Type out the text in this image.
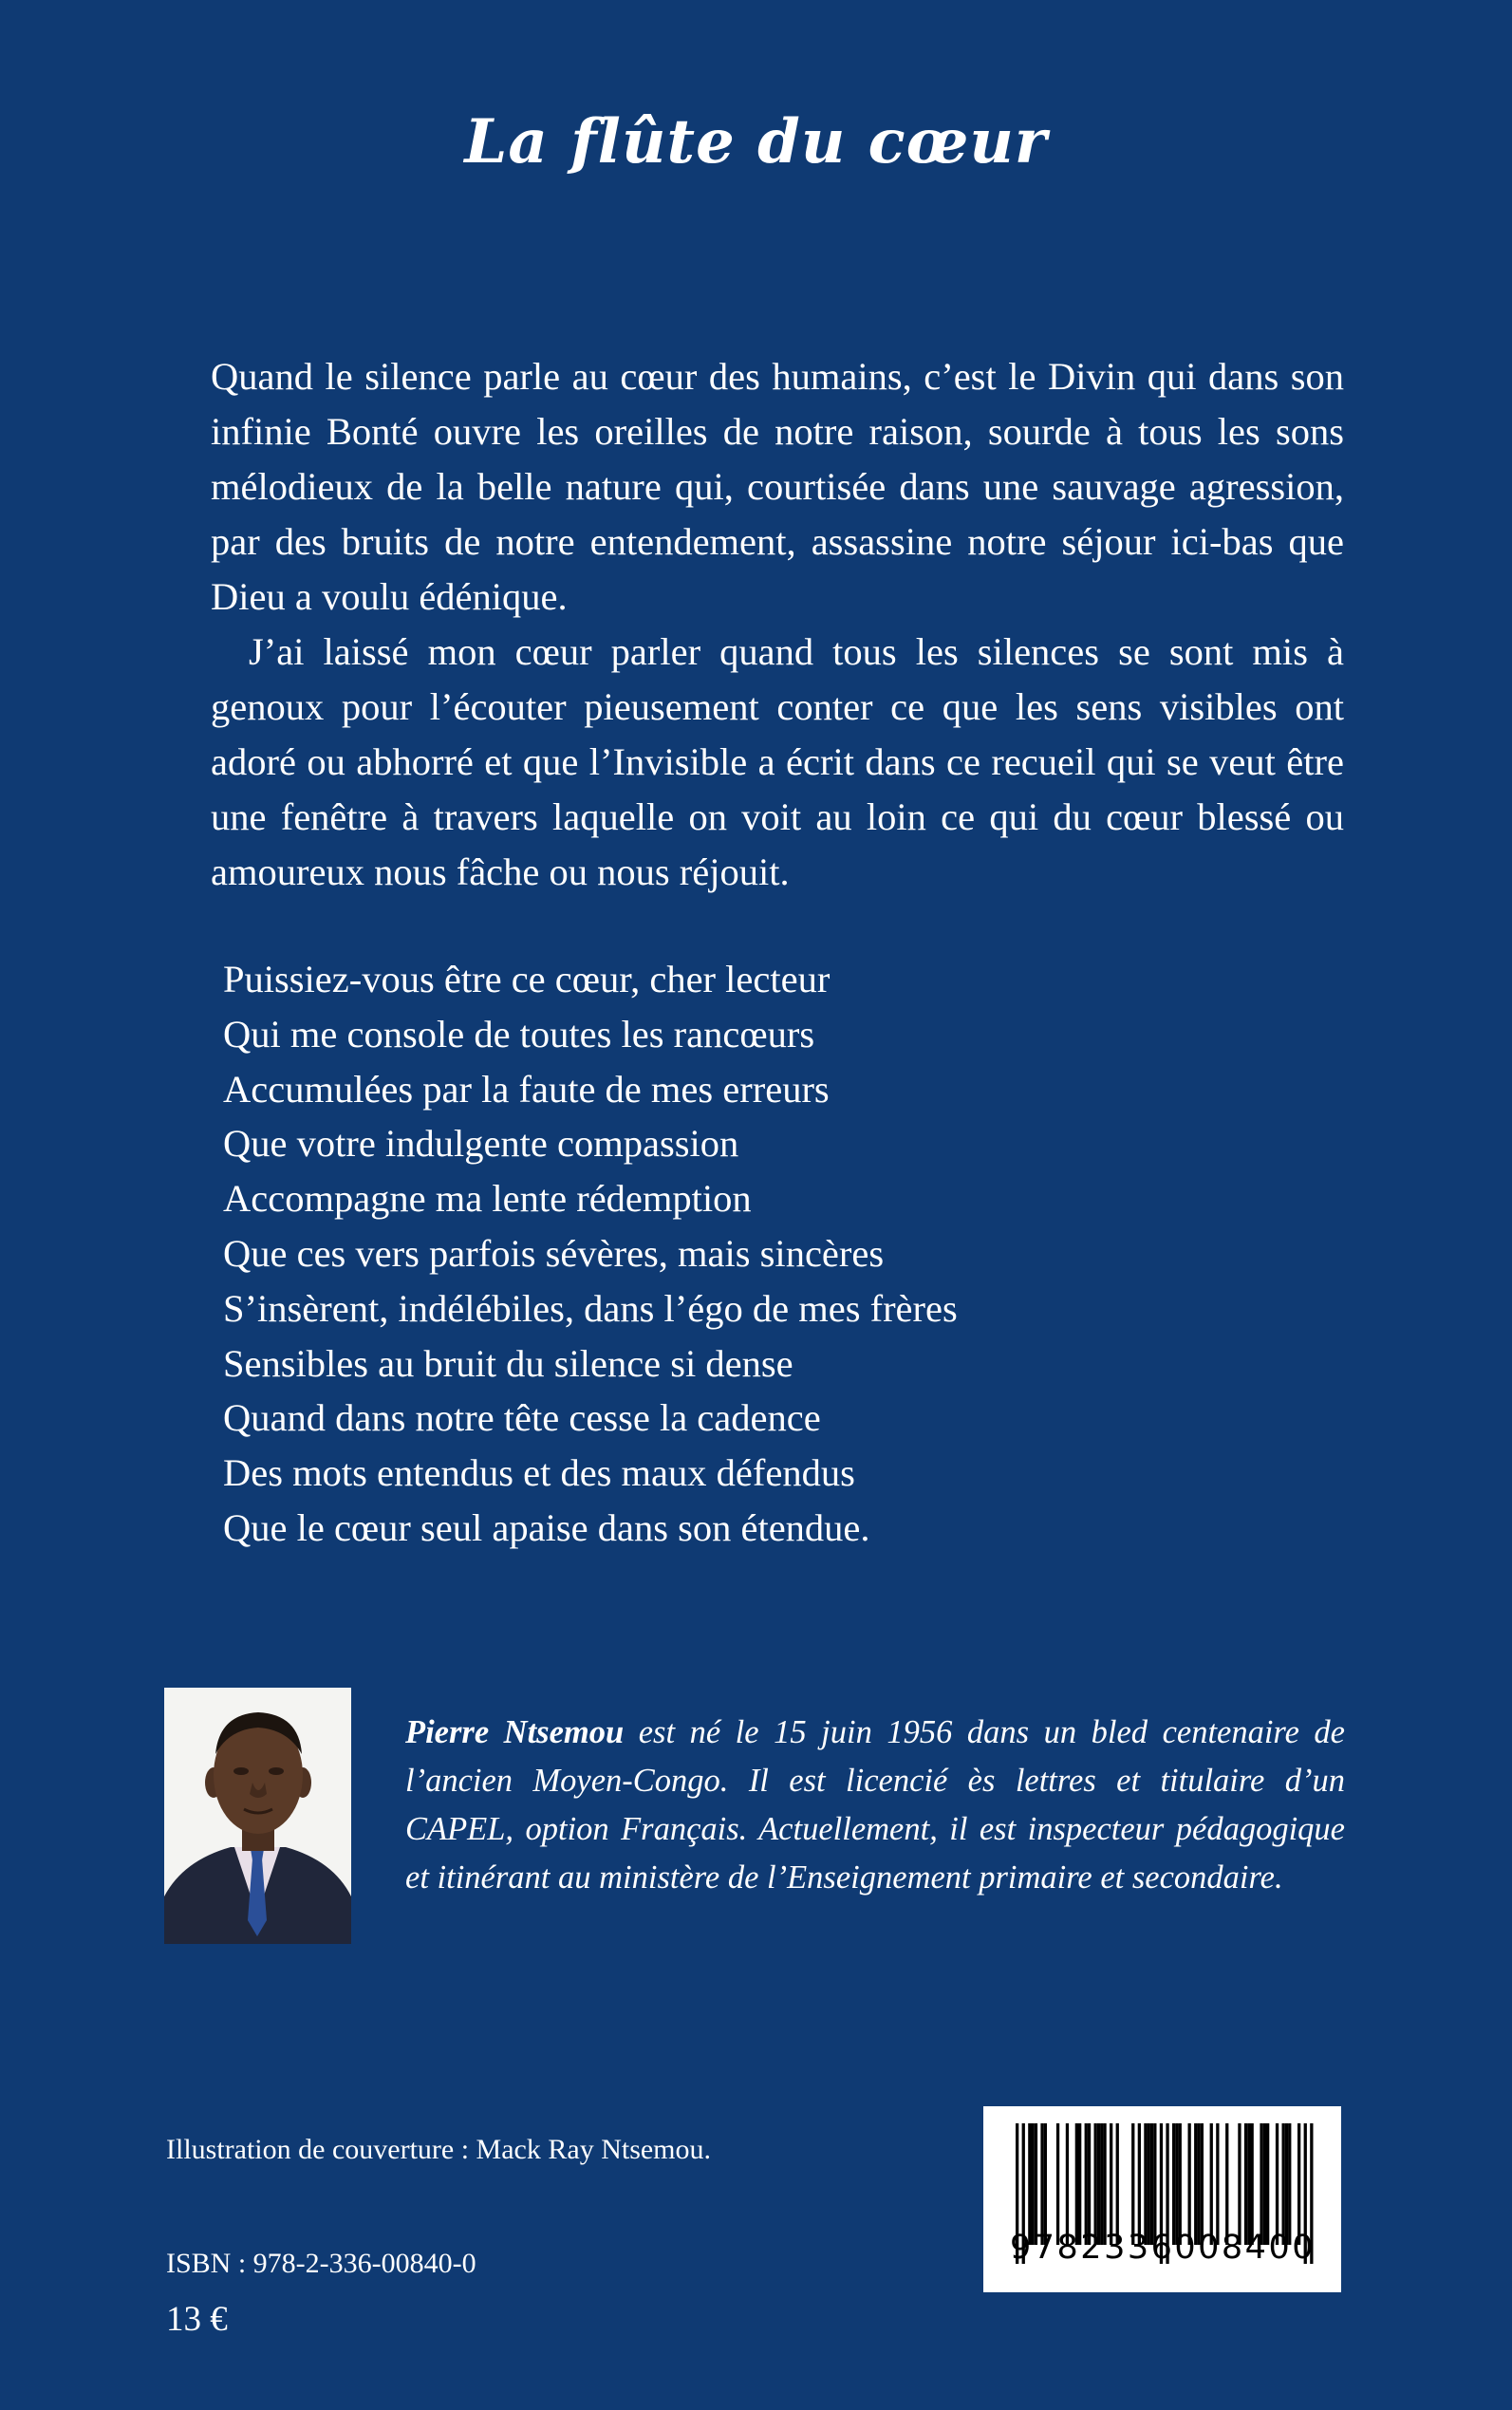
La flûte du cœur

Quand le silence parle au cœur des humains, c’est le Divin qui dans son infinie Bonté ouvre les oreilles de notre raison, sourde à tous les sons mélodieux de la belle nature qui, courtisée dans une sauvage agression, par des bruits de notre entendement, assassine notre séjour ici-bas que Dieu a voulu édénique.

J’ai laissé mon cœur parler quand tous les silences se sont mis à genoux pour l’écouter pieusement conter ce que les sens visibles ont adoré ou abhorré et que l’Invisible a écrit dans ce recueil qui se veut être une fenêtre à travers laquelle on voit au loin ce qui du cœur blessé ou amoureux nous fâche ou nous réjouit.

Puissiez-vous être ce cœur, cher lecteur
Qui me console de toutes les rancœurs
Accumulées par la faute de mes erreurs
Que votre indulgente compassion
Accompagne ma lente rédemption
Que ces vers parfois sévères, mais sincères
S’insèrent, indélébiles, dans l’égo de mes frères
Sensibles au bruit du silence si dense
Quand dans notre tête cesse la cadence
Des mots entendus et des maux défendus
Que le cœur seul apaise dans son étendue.
Pierre Ntsemou est né le 15 juin 1956 dans un bled centenaire de l’ancien Moyen-Congo. Il est licencié ès lettres et titulaire d’un CAPEL, option Français. Actuellement, il est inspecteur pédagogique et itinérant au ministère de l’Enseignement primaire et secondaire.
Illustration de couverture : Mack Ray Ntsemou.
ISBN : 978-2-336-00840-0
13 €
9782336008400
